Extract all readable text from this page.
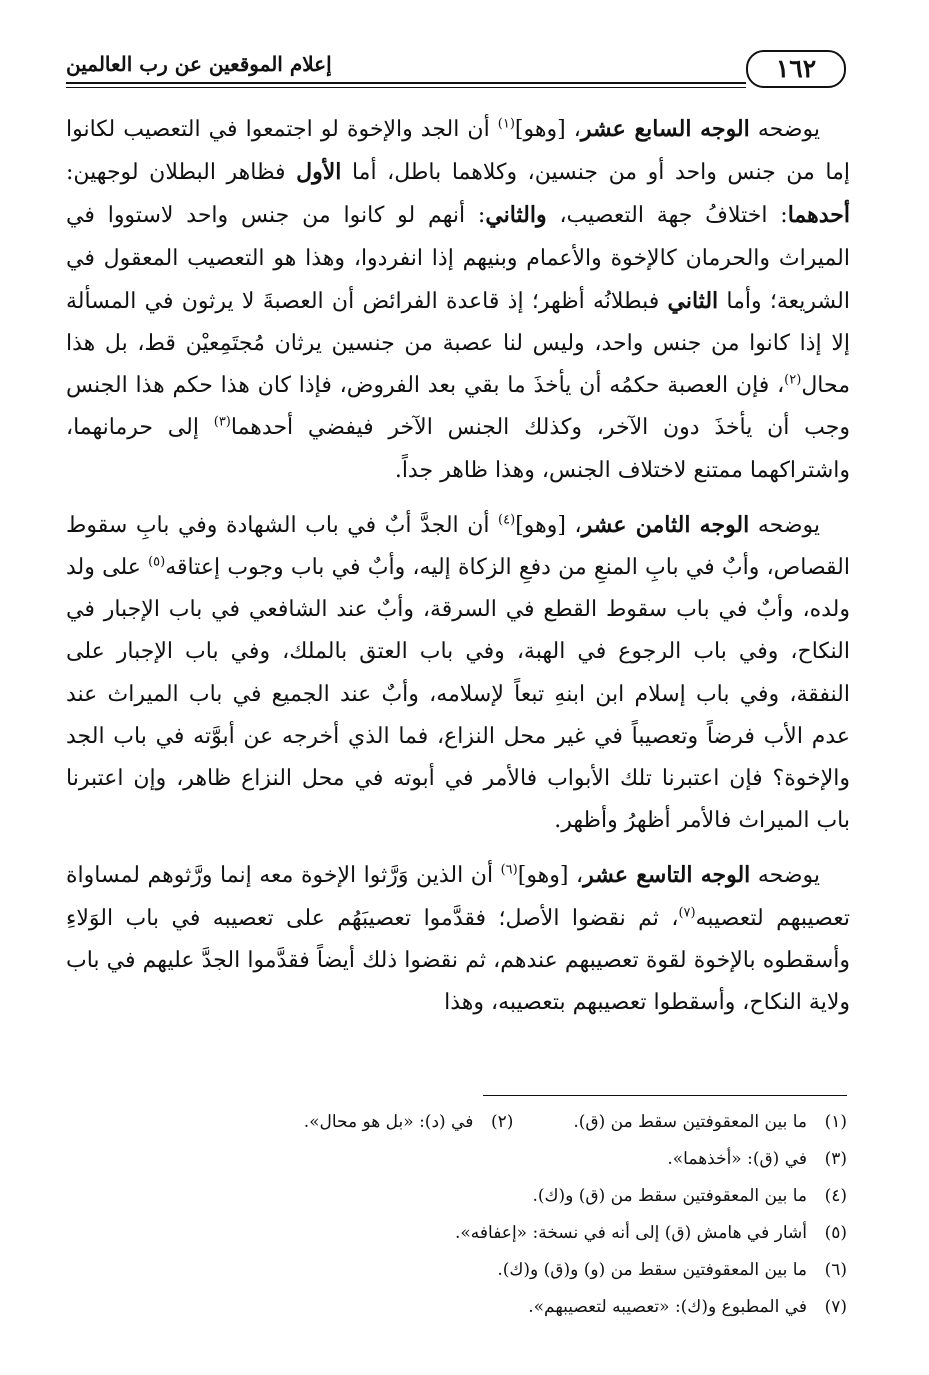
١٦٢
إعلام الموقعين عن رب العالمين

يوضحه الوجه السابع عشر، [وهو]$^{(١)}$ أن الجد والإخوة لو اجتمعوا في التعصيب لكانوا إما من جنس واحد أو من جنسين، وكلاهما باطل، أما الأول فظاهر البطلان لوجهين: أحدهما: اختلافُ جهة التعصيب، والثاني: أنهم لو كانوا من جنس واحد لاستووا في الميراث والحرمان كالإخوة والأعمام وبنيهم إذا انفردوا، وهذا هو التعصيب المعقول في الشريعة؛ وأما الثاني فبطلانُه أظهر؛ إذ قاعدة الفرائض أن العصبةَ لا يرثون في المسألة إلا إذا كانوا من جنس واحد، وليس لنا عصبة من جنسين يرثان مُجتَمِعيْن قط، بل هذا محال$^{(٢)}$، فإن العصبة حكمُه أن يأخذَ ما بقي بعد الفروض، فإذا كان هذا حكم هذا الجنس وجب أن يأخذَ دون الآخر، وكذلك الجنس الآخر فيفضي أحدهما$^{(٣)}$ إلى حرمانهما، واشتراكهما ممتنع لاختلاف الجنس، وهذا ظاهر جداً.

يوضحه الوجه الثامن عشر، [وهو]$^{(٤)}$ أن الجدَّ أبٌ في باب الشهادة وفي بابِ سقوط القصاص، وأبٌ في بابِ المنعِ من دفعِ الزكاة إليه، وأبٌ في باب وجوب إعتاقه$^{(٥)}$ على ولد ولده، وأبٌ في باب سقوط القطع في السرقة، وأبٌ عند الشافعي في باب الإجبار في النكاح، وفي باب الرجوع في الهبة، وفي باب العتق بالملك، وفي باب الإجبار على النفقة، وفي باب إسلام ابن ابنهِ تبعاً لإسلامه، وأبٌ عند الجميع في باب الميراث عند عدم الأب فرضاً وتعصيباً في غير محل النزاع، فما الذي أخرجه عن أبوَّته في باب الجد والإخوة؟ فإن اعتبرنا تلك الأبواب فالأمر في أبوته في محل النزاع ظاهر، وإن اعتبرنا باب الميراث فالأمر أظهرُ وأظهر.

يوضحه الوجه التاسع عشر، [وهو]$^{(٦)}$ أن الذين وَرَّثوا الإخوة معه إنما ورَّثوهم لمساواة تعصيبهم لتعصيبه$^{(٧)}$، ثم نقضوا الأصل؛ فقدَّموا تعصيبَهُم على تعصيبه في باب الوَلاءِ وأسقطوه بالإخوة لقوة تعصيبهم عندهم، ثم نقضوا ذلك أيضاً فقدَّموا الجدَّ عليهم في باب ولاية النكاح، وأسقطوا تعصيبهم بتعصيبه، وهذا

(١)ما بين المعقوفتين سقط من (ق).(٢)في (د): «بل هو محال».
(٣)في (ق): «أخذهما».
(٤)ما بين المعقوفتين سقط من (ق) و(ك).
(٥)أشار في هامش (ق) إلى أنه في نسخة: «إعفافه».
(٦)ما بين المعقوفتين سقط من (و) و(ق) و(ك).
(٧)في المطبوع و(ك): «تعصيبه لتعصيبهم».
